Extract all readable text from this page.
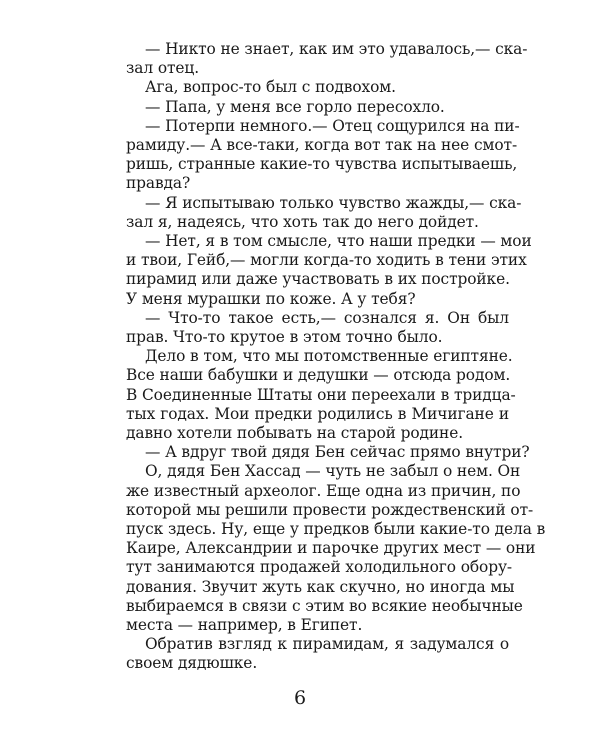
— Никто не знает, как им это удавалось,— ска-
зал отец.
Ага, вопрос-то был с подвохом.
— Папа, у меня все горло пересохло.
— Потерпи немного.— Отец сощурился на пи-
рамиду.— А все-таки, когда вот так на нее смот-
ришь, странные какие-то чувства испытываешь,
правда?
— Я испытываю только чувство жажды,— ска-
зал я, надеясь, что хоть так до него дойдет.
— Нет, я в том смысле, что наши предки — мои
и твои, Гейб,— могли когда-то ходить в тени этих
пирамид или даже участвовать в их постройке.
У меня мурашки по коже. А у тебя?
— Что-то такое есть,— сознался я. Он был
прав. Что-то крутое в этом точно было.
Дело в том, что мы потомственные египтяне.
Все наши бабушки и дедушки — отсюда родом.
В Соединенные Штаты они переехали в тридца-
тых годах. Мои предки родились в Мичигане и
давно хотели побывать на старой родине.
— А вдруг твой дядя Бен сейчас прямо внутри?
О, дядя Бен Хассад — чуть не забыл о нем. Он
же известный археолог. Еще одна из причин, по
которой мы решили провести рождественский от-
пуск здесь. Ну, еще у предков были какие-то дела в
Каире, Александрии и парочке других мест — они
тут занимаются продажей холодильного обору-
дования. Звучит жуть как скучно, но иногда мы
выбираемся в связи с этим во всякие необычные
места — например, в Египет.
Обратив взгляд к пирамидам, я задумался о
своем дядюшке.
6
